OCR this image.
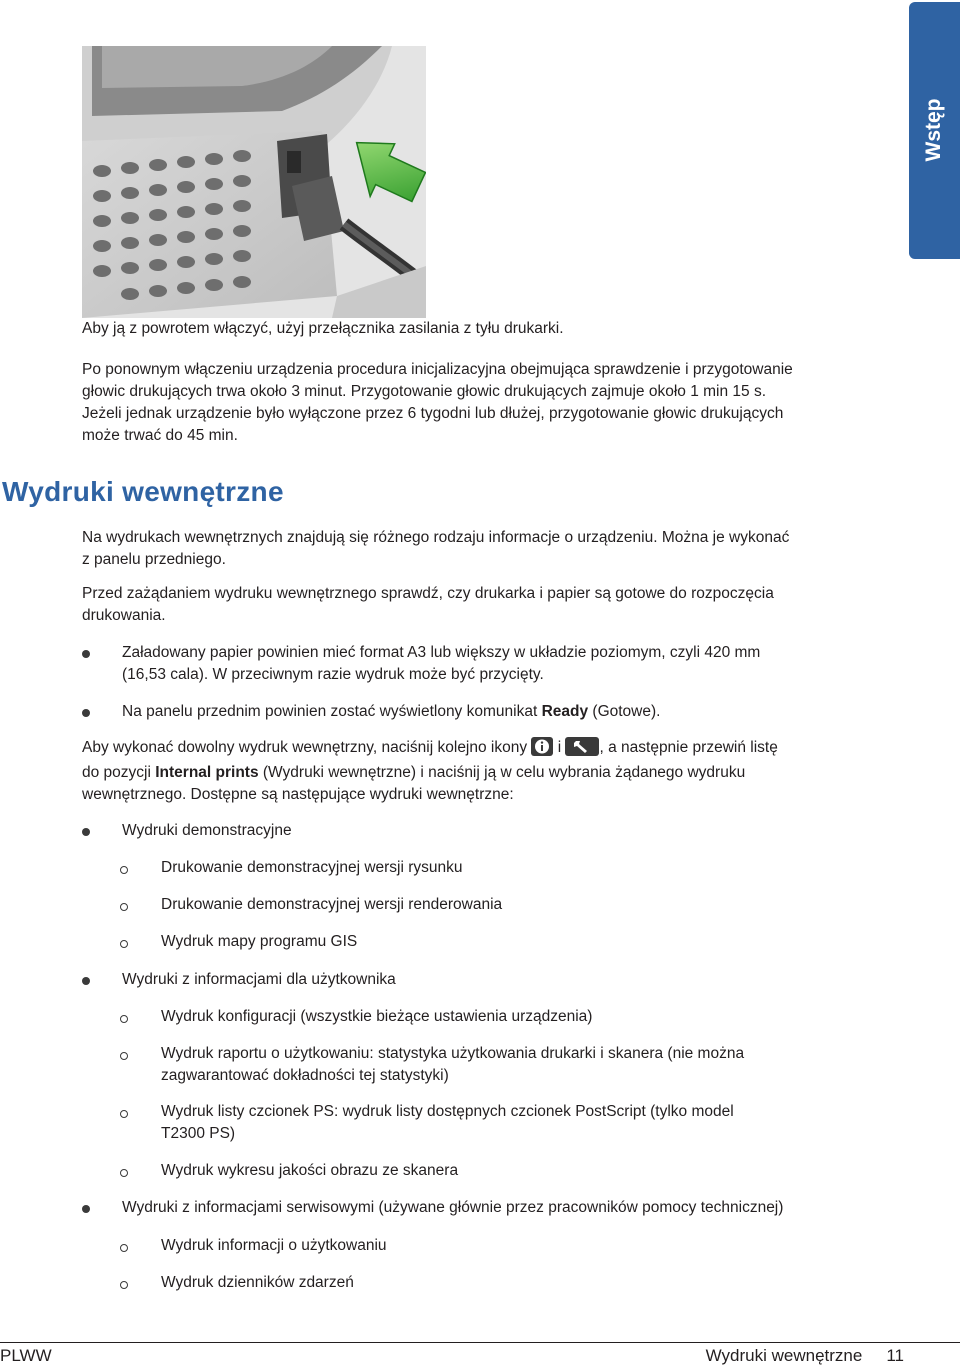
Wstęp

Aby ją z powrotem włączyć, użyj przełącznika zasilania z tyłu drukarki.

Po ponownym włączeniu urządzenia procedura inicjalizacyjna obejmująca sprawdzenie i przygotowanie
głowic drukujących trwa około 3 minut. Przygotowanie głowic drukujących zajmuje około 1 min 15 s.
Jeżeli jednak urządzenie było wyłączone przez 6 tygodni lub dłużej, przygotowanie głowic drukujących
może trwać do 45 min.
Wydruki wewnętrzne
Na wydrukach wewnętrznych znajdują się różnego rodzaju informacje o urządzeniu. Można je wykonać
z panelu przedniego.
Przed zażądaniem wydruku wewnętrznego sprawdź, czy drukarka i papier są gotowe do rozpoczęcia
drukowania.
Załadowany papier powinien mieć format A3 lub większy w układzie poziomym, czyli 420 mm
(16,53 cala). W przeciwnym razie wydruk może być przycięty.
Na panelu przednim powinien zostać wyświetlony komunikat Ready (Gotowe).
Aby wykonać dowolny wydruk wewnętrzny, naciśnij kolejno ikony  i , a następnie przewiń listę
do pozycji Internal prints (Wydruki wewnętrzne) i naciśnij ją w celu wybrania żądanego wydruku
wewnętrznego. Dostępne są następujące wydruki wewnętrzne:
Wydruki demonstracyjne
Drukowanie demonstracyjnej wersji rysunku
Drukowanie demonstracyjnej wersji renderowania
Wydruk mapy programu GIS
Wydruki z informacjami dla użytkownika
Wydruk konfiguracji (wszystkie bieżące ustawienia urządzenia)
Wydruk raportu o użytkowaniu: statystyka użytkowania drukarki i skanera (nie można
zagwarantować dokładności tej statystyki)
Wydruk listy czcionek PS: wydruk listy dostępnych czcionek PostScript (tylko model
T2300 PS)
Wydruk wykresu jakości obrazu ze skanera
Wydruki z informacjami serwisowymi (używane głównie przez pracowników pomocy technicznej)
Wydruk informacji o użytkowaniu
Wydruk dzienników zdarzeń
PLWW	Wydruki wewnętrzne 11
